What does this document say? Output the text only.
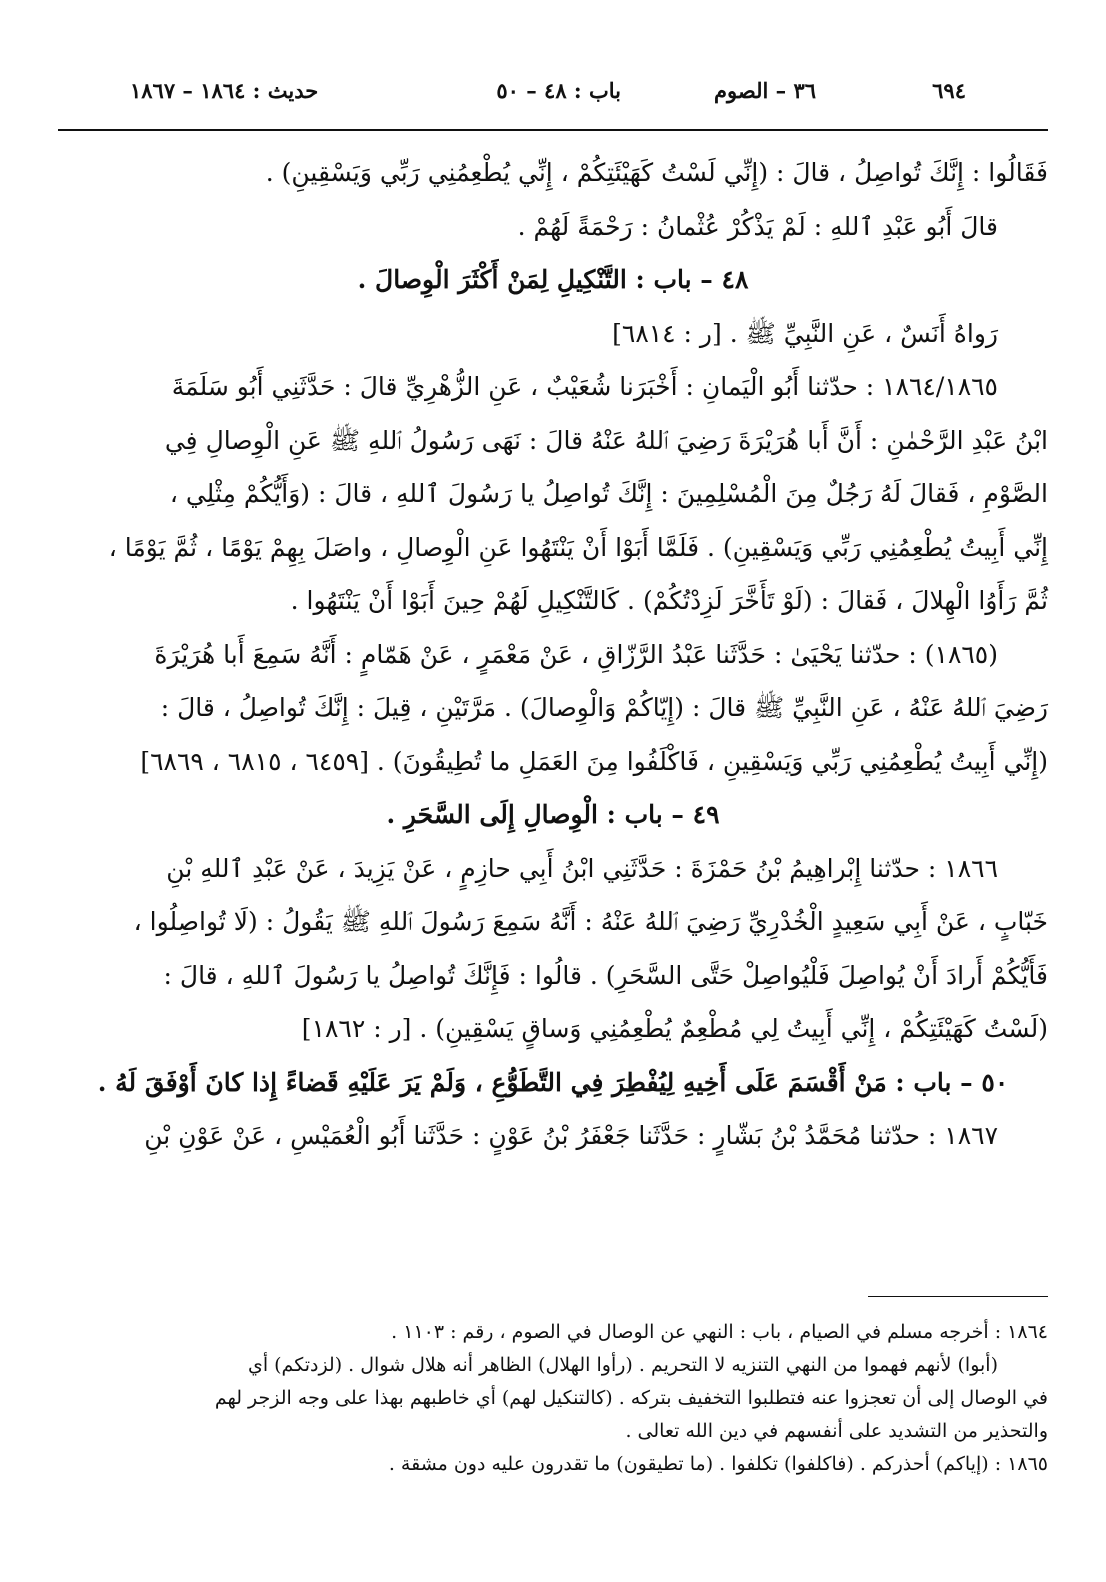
٦٩٤
٣٦ – الصوم
باب : ٤٨ – ٥٠
حديث : ١٨٦٤ – ١٨٦٧

فَقَالُوا : إِنَّكَ تُواصِلُ ، قالَ : (إِنِّي لَسْتُ كَهَيْئَتِكُمْ ، إِنِّي يُطْعِمُنِي رَبِّي وَيَسْقِينِ) .

قالَ أَبُو عَبْدِ ٱللهِ : لَمْ يَذْكُرْ عُثْمانُ : رَحْمَةً لَهُمْ .

٤٨ – باب : التَّنْكِيلِ لِمَنْ أَكْثَرَ الْوِصالَ .

رَواهُ أَنَسٌ ، عَنِ النَّبِيِّ ﷺ . [ر : ٦٨١٤]

١٨٦٤/١٨٦٥ : حدّثنا أَبُو الْيَمانِ : أَخْبَرَنا شُعَيْبٌ ، عَنِ الزُّهْرِيِّ قالَ : حَدَّثَنِي أَبُو سَلَمَةَ

ابْنُ عَبْدِ الرَّحْمٰنِ : أَنَّ أَبا هُرَيْرَةَ رَضِيَ ٱللهُ عَنْهُ قالَ : نَهَى رَسُولُ ٱللهِ ﷺ عَنِ الْوِصالِ فِي

الصَّوْمِ ، فَقالَ لَهُ رَجُلٌ مِنَ الْمُسْلِمِينَ : إِنَّكَ تُواصِلُ يا رَسُولَ ٱللهِ ، قالَ : (وَأَيُّكُمْ مِثْلِي ،

إِنِّي أَبِيتُ يُطْعِمُنِي رَبِّي وَيَسْقِينِ) . فَلَمَّا أَبَوْا أَنْ يَنْتَهُوا عَنِ الْوِصالِ ، واصَلَ بِهِمْ يَوْمًا ، ثُمَّ يَوْمًا ،

ثُمَّ رَأَوُا الْهِلالَ ، فَقالَ : (لَوْ تَأَخَّرَ لَزِدْتُكُمْ) . كَالتَّنْكِيلِ لَهُمْ حِينَ أَبَوْا أَنْ يَنْتَهُوا .

(١٨٦٥) : حدّثنا يَحْيَىٰ : حَدَّثَنا عَبْدُ الرَّزّاقِ ، عَنْ مَعْمَرٍ ، عَنْ هَمّامٍ : أَنَّهُ سَمِعَ أَبا هُرَيْرَةَ

رَضِيَ ٱللهُ عَنْهُ ، عَنِ النَّبِيِّ ﷺ قالَ : (إِيّاكُمْ وَالْوِصالَ) . مَرَّتَيْنِ ، قِيلَ : إِنَّكَ تُواصِلُ ، قالَ :

(إِنِّي أَبِيتُ يُطْعِمُنِي رَبِّي وَيَسْقِينِ ، فَاكْلَفُوا مِنَ العَمَلِ ما تُطِيقُونَ) . [٦٤٥٩ ، ٦٨١٥ ، ٦٨٦٩]

٤٩ – باب : الْوِصالِ إِلَى السَّحَرِ .

١٨٦٦ : حدّثنا إِبْراهِيمُ بْنُ حَمْزَةَ : حَدَّثَنِي ابْنُ أَبِي حازِمٍ ، عَنْ يَزِيدَ ، عَنْ عَبْدِ ٱللهِ بْنِ

خَبّابٍ ، عَنْ أَبِي سَعِيدٍ الْخُدْرِيِّ رَضِيَ ٱللهُ عَنْهُ : أَنَّهُ سَمِعَ رَسُولَ ٱللهِ ﷺ يَقُولُ : (لَا تُواصِلُوا ،

فَأَيُّكُمْ أَرادَ أَنْ يُواصِلَ فَلْيُواصِلْ حَتَّى السَّحَرِ) . قالُوا : فَإِنَّكَ تُواصِلُ يا رَسُولَ ٱللهِ ، قالَ :

(لَسْتُ كَهَيْئَتِكُمْ ، إِنِّي أَبِيتُ لِي مُطْعِمٌ يُطْعِمُنِي وَساقٍ يَسْقِينِ) . [ر : ١٨٦٢]

٥٠ – باب : مَنْ أَقْسَمَ عَلَى أَخِيهِ لِيُفْطِرَ فِي التَّطَوُّعِ ، وَلَمْ يَرَ عَلَيْهِ قَضاءً إِذا كانَ أَوْفَقَ لَهُ .

١٨٦٧ : حدّثنا مُحَمَّدُ بْنُ بَشّارٍ : حَدَّثَنا جَعْفَرُ بْنُ عَوْنٍ : حَدَّثَنا أَبُو الْعُمَيْسِ ، عَنْ عَوْنِ بْنِ

١٨٦٤ : أخرجه مسلم في الصيام ، باب : النهي عن الوصال في الصوم ، رقم : ١١٠٣ .

(أبوا) لأنهم فهموا من النهي التنزيه لا التحريم . (رأوا الهلال) الظاهر أنه هلال شوال . (لزدتكم) أي

في الوصال إلى أن تعجزوا عنه فتطلبوا التخفيف بتركه . (كالتنكيل لهم) أي خاطبهم بهذا على وجه الزجر لهم

والتحذير من التشديد على أنفسهم في دين الله تعالى .

١٨٦٥ : (إياكم) أحذركم . (فاكلفوا) تكلفوا . (ما تطيقون) ما تقدرون عليه دون مشقة .
